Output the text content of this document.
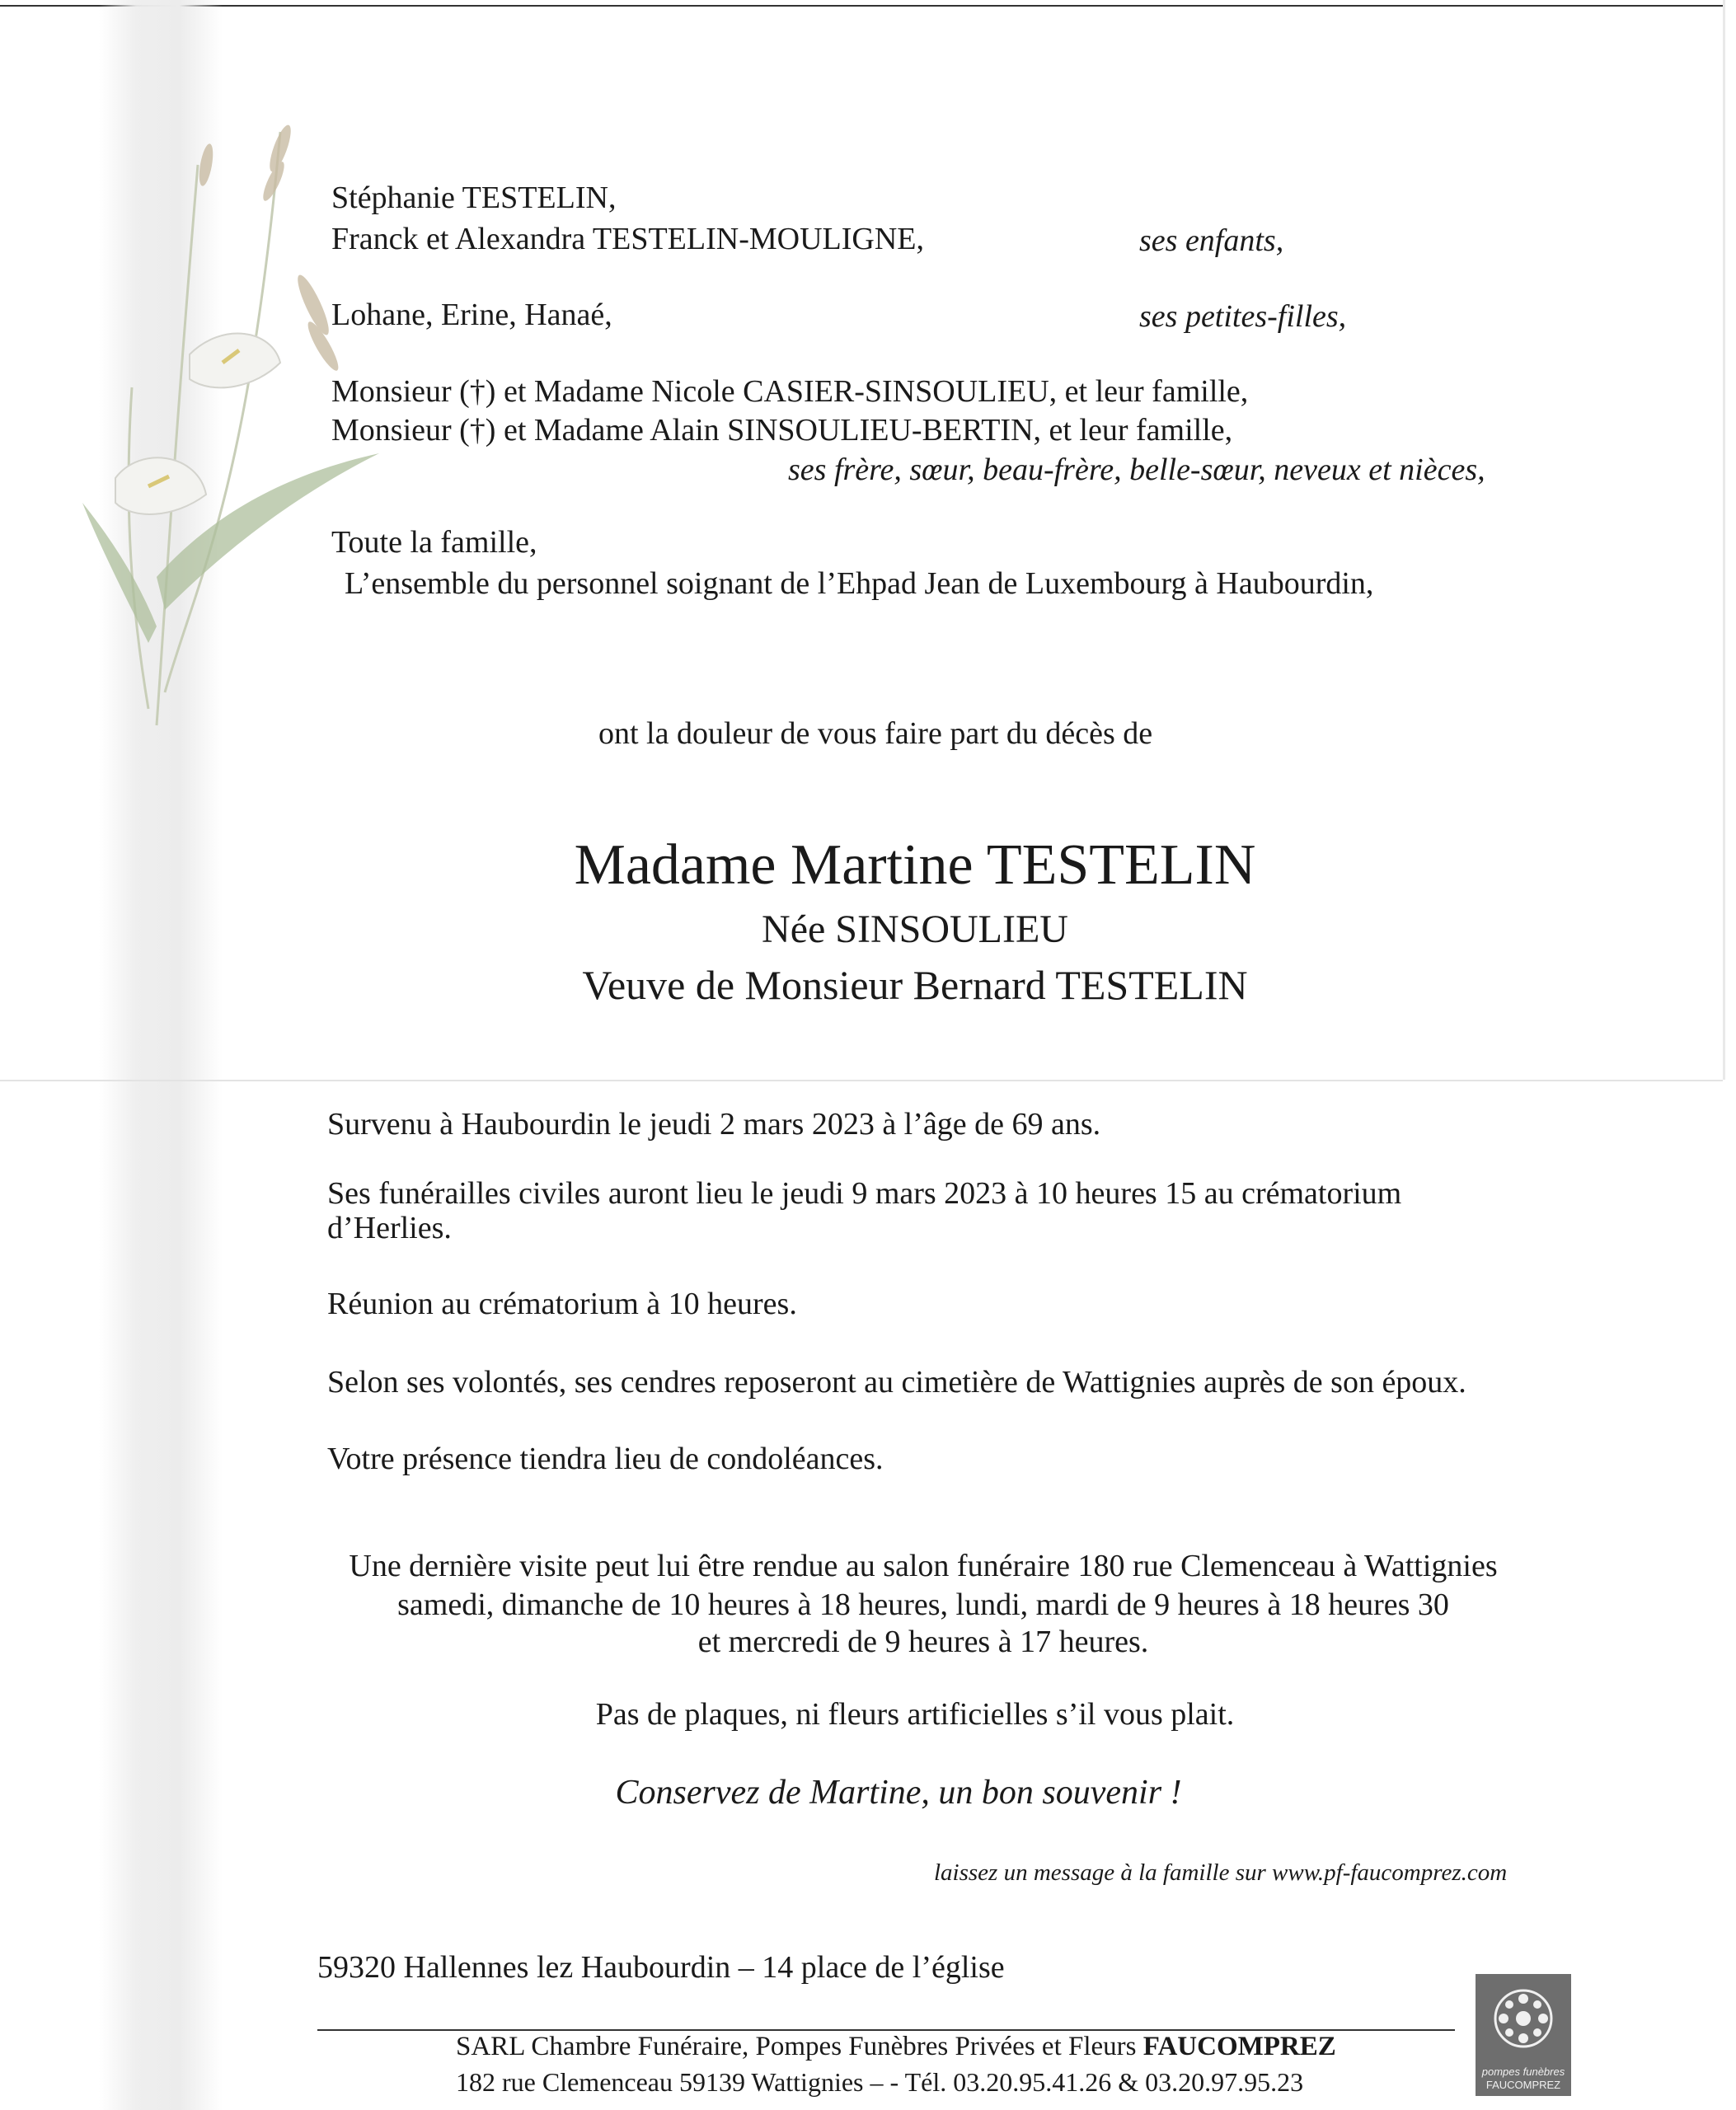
Stéphanie TESTELIN,
Franck et Alexandra TESTELIN-MOULIGNE,	ses enfants,
Lohane, Erine, Hanaé,	ses petites-filles,
Monsieur (†) et Madame Nicole CASIER-SINSOULIEU, et leur famille,
Monsieur (†) et Madame Alain SINSOULIEU-BERTIN, et leur famille,
ses frère, sœur, beau-frère, belle-sœur, neveux et nièces,
Toute la famille,
L’ensemble du personnel soignant de l’Ehpad Jean de Luxembourg à Haubourdin,
ont la douleur de vous faire part du décès de
Madame Martine TESTELIN
Née SINSOULIEU
Veuve de Monsieur Bernard TESTELIN
Survenu à Haubourdin le jeudi 2 mars 2023 à l’âge de 69 ans.
Ses funérailles civiles auront lieu le jeudi 9 mars 2023 à 10 heures 15 au crématorium
d’Herlies.
Réunion au crématorium à 10 heures.
Selon ses volontés, ses cendres reposeront au cimetière de Wattignies auprès de son époux.
Votre présence tiendra lieu de condoléances.
Une dernière visite peut lui être rendue au salon funéraire 180 rue Clemenceau à Wattignies
samedi, dimanche de 10 heures à 18 heures, lundi, mardi de 9 heures à 18 heures 30
et mercredi de 9 heures à 17 heures.
Pas de plaques, ni fleurs artificielles s’il vous plait.
Conservez de Martine, un bon souvenir !
laissez un message à la famille sur www.pf-faucomprez.com
59320 Hallennes lez Haubourdin – 14 place de l’église
SARL Chambre Funéraire, Pompes Funèbres Privées et Fleurs FAUCOMPREZ
182 rue Clemenceau 59139 Wattignies – - Tél. 03.20.95.41.26 & 03.20.97.95.23	pompes funèbres
FAUCOMPREZ
